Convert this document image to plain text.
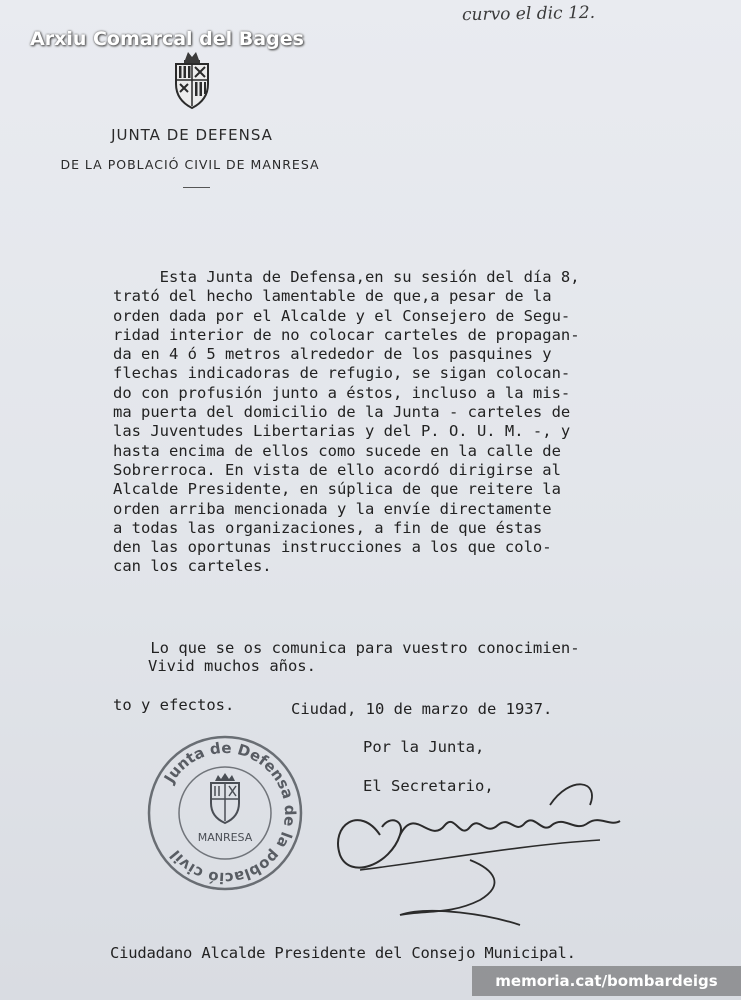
Arxiu Comarcal del Bages
curvo el dic 12.
JUNTA DE DEFENSA
DE LA POBLACIÓ CIVIL DE MANRESA
Esta Junta de Defensa,en su sesión del día 8,
trató del hecho lamentable de que,a pesar de la
orden dada por el Alcalde y el Consejero de Segu-
ridad interior de no colocar carteles de propagan-
da en 4 ó 5 metros alrededor de los pasquines y
flechas indicadoras de refugio, se sigan colocan-
do con profusión junto a éstos, incluso a la mis-
ma puerta del domicilio de la Junta - carteles de
las Juventudes Libertarias y del P. O. U. M. -, y
hasta encima de ellos como sucede en la calle de
Sobrerroca. En vista de ello acordó dirigirse al
Alcalde Presidente, en súplica de que reitere la
orden arriba mencionada y la envíe directamente
a todas las organizaciones, a fin de que éstas
den las oportunas instrucciones a los que colo-
can los carteles.

Lo que se os comunica para vuestro conocimien-

to y efectos.

Vivid muchos años.
Ciudad, 10 de marzo de 1937.
Por la Junta,
El Secretario,
Junta de Defensa de la població civil
MANRESA
Ciudadano Alcalde Presidente del Consejo Municipal.
memoria.cat/bombardeigs
